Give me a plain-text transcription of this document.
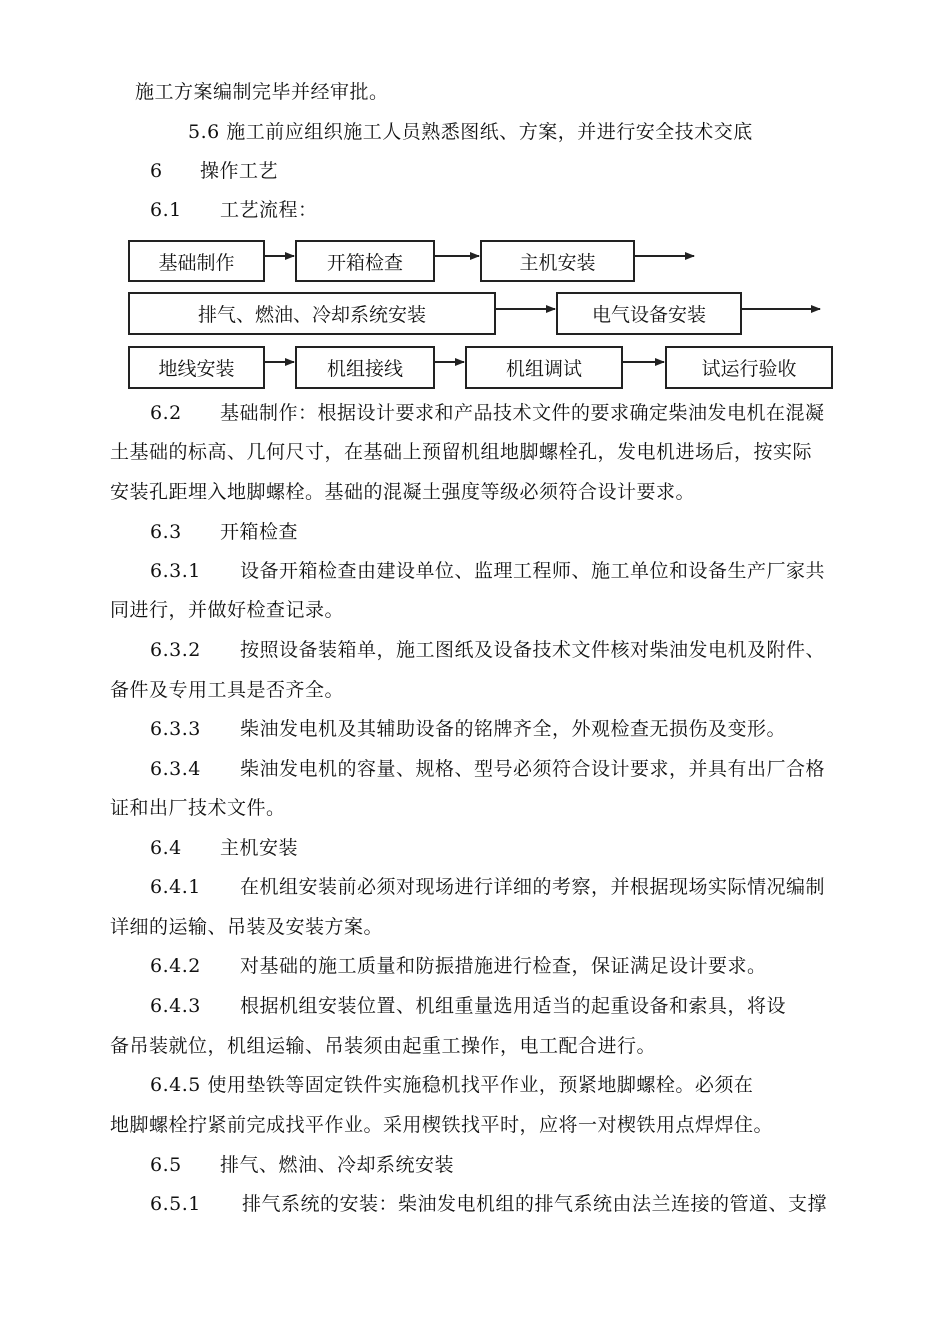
施工方案编制完毕并经审批。
5.6 施工前应组织施工人员熟悉图纸、方案，并进行安全技术交底
6 操作工艺
6.1 工艺流程：
基础制作	开箱检查	主机安装
排气、燃油、冷却系统安装	电气设备安装
地线安装	机组接线	机组调试	试运行验收
6.2 基础制作：根据设计要求和产品技术文件的要求确定柴油发电机在混凝
土基础的标高、几何尺寸，在基础上预留机组地脚螺栓孔，发电机进场后，按实际
安装孔距埋入地脚螺栓。基础的混凝土强度等级必须符合设计要求。
6.3 开箱检查
6.3.1 设备开箱检查由建设单位、监理工程师、施工单位和设备生产厂家共
同进行，并做好检查记录。
6.3.2 按照设备装箱单，施工图纸及设备技术文件核对柴油发电机及附件、
备件及专用工具是否齐全。
6.3.3 柴油发电机及其辅助设备的铭牌齐全，外观检查无损伤及变形。
6.3.4 柴油发电机的容量、规格、型号必须符合设计要求，并具有出厂合格
证和出厂技术文件。
6.4 主机安装
6.4.1 在机组安装前必须对现场进行详细的考察，并根据现场实际情况编制
详细的运输、吊装及安装方案。
6.4.2 对基础的施工质量和防振措施进行检查，保证满足设计要求。
6.4.3 根据机组安装位置、机组重量选用适当的起重设备和索具，将设
备吊装就位，机组运输、吊装须由起重工操作，电工配合进行。
6.4.5 使用垫铁等固定铁件实施稳机找平作业，预紧地脚螺栓。必须在
地脚螺栓拧紧前完成找平作业。采用楔铁找平时，应将一对楔铁用点焊焊住。
6.5 排气、燃油、冷却系统安装
6.5.1 排气系统的安装：柴油发电机组的排气系统由法兰连接的管道、支撑
